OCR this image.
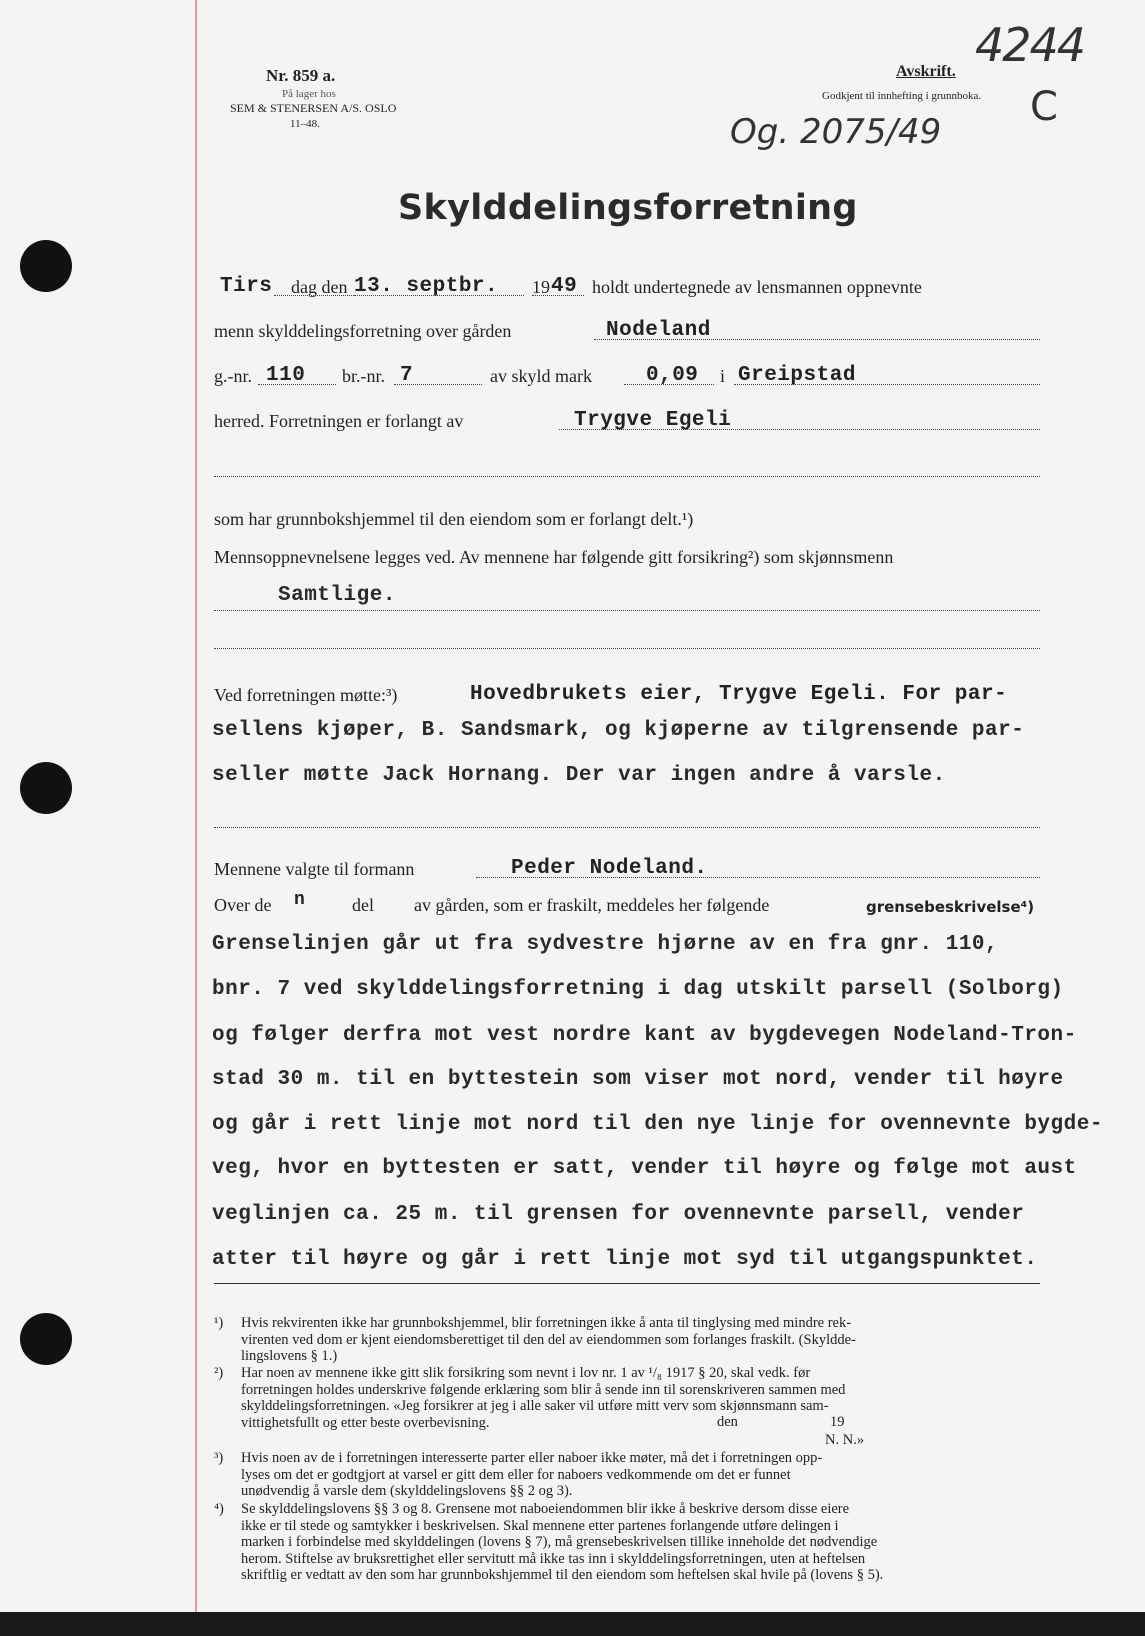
Nr. 859 a.
På lager hos
SEM & STENERSEN A/S. OSLO
11–48.
Avskrift.
Godkjent til innhefting i grunnboka.
4244
Og. 2075/49
C
Skylddelingsforretning
Tirs dag den 13. septbr. 19 49 holdt undertegnede av lensmannen oppnevnte
menn skylddelingsforretning over gården	Nodeland
g.-nr. 110 br.-nr. 7	av skyld mark	0,09 i Greipstad
herred. Forretningen er forlangt av	Trygve Egeli
som har grunnbokshjemmel til den eiendom som er forlangt delt.¹)
Mennsoppnevnelsene legges ved. Av mennene har følgende gitt forsikring²) som skjønnsmenn
Samtlige.
Ved forretningen møtte:³)	Hovedbrukets eier, Trygve Egeli. For par-
sellens kjøper, B. Sandsmark, og kjøperne av tilgrensende par-
seller møtte Jack Hornang. Der var ingen andre å varsle.
Mennene valgte til formann	Peder Nodeland.
Over de n	del av gården, som er fraskilt, meddeles her følgende	grensebeskrivelse⁴)
Grenselinjen går ut fra sydvestre hjørne av en fra gnr. 110,
bnr. 7 ved skylddelingsforretning i dag utskilt parsell (Solborg)
og følger derfra mot vest nordre kant av bygdevegen Nodeland-Tron-
stad 30 m. til en byttestein som viser mot nord, vender til høyre
og går i rett linje mot nord til den nye linje for ovennevnte bygde-
veg, hvor en byttesten er satt, vender til høyre og følge mot aust
veglinjen ca. 25 m. til grensen for ovennevnte parsell, vender
atter til høyre og går i rett linje mot syd til utgangspunktet.
¹) Hvis rekvirenten ikke har grunnbokshjemmel, blir forretningen ikke å anta til tinglysing med mindre rek-
virenten ved dom er kjent eiendomsberettiget til den del av eiendommen som forlanges fraskilt. (Skyldde-
lingslovens § 1.)
²) Har noen av mennene ikke gitt slik forsikring som nevnt i lov nr. 1 av ¹/₈ 1917 § 20, skal vedk. før
forretningen holdes underskrive følgende erklæring som blir å sende inn til sorenskriveren sammen med
skylddelingsforretningen. «Jeg forsikrer at jeg i alle saker vil utføre mitt verv som skjønnsmann sam-
vittighetsfullt og etter beste overbevisning.	den	19
N. N.»
³) Hvis noen av de i forretningen interesserte parter eller naboer ikke møter, må det i forretningen opp-
lyses om det er godtgjort at varsel er gitt dem eller for naboers vedkommende om det er funnet
unødvendig å varsle dem (skylddelingslovens §§ 2 og 3).
⁴) Se skylddelingslovens §§ 3 og 8. Grensene mot naboeiendommen blir ikke å beskrive dersom disse eiere
ikke er til stede og samtykker i beskrivelsen. Skal mennene etter partenes forlangende utføre delingen i
marken i forbindelse med skylddelingen (lovens § 7), må grensebeskrivelsen tillike inneholde det nødvendige
herom. Stiftelse av bruksrettighet eller servitutt må ikke tas inn i skylddelingsforretningen, uten at heftelsen
skriftlig er vedtatt av den som har grunnbokshjemmel til den eiendom som heftelsen skal hvile på (lovens § 5).
